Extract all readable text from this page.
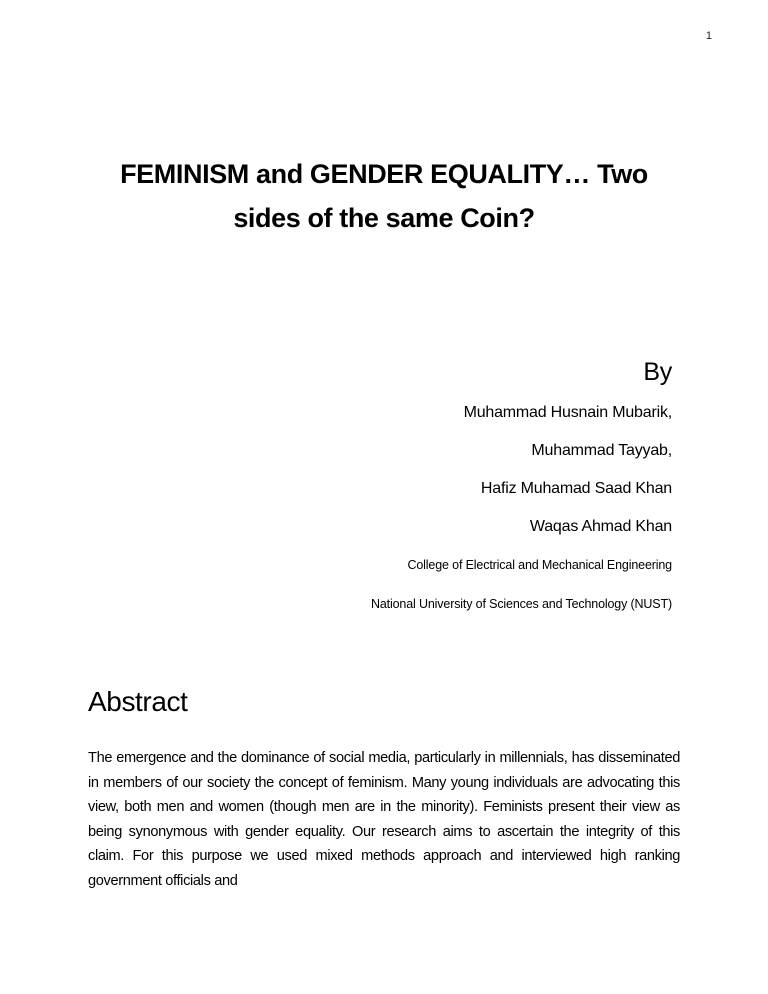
1
FEMINISM and GENDER EQUALITY… Two
sides of the same Coin?
By
Muhammad Husnain Mubarik,
Muhammad Tayyab,
Hafiz Muhamad Saad Khan
Waqas Ahmad Khan
College of Electrical and Mechanical Engineering
National University of Sciences and Technology (NUST)
Abstract

The emergence and the dominance of social media, particularly in millennials, has disseminated in members of our society the concept of feminism. Many young individuals are advocating this view, both men and women (though men are in the minority). Feminists present their view as being synonymous with gender equality. Our research aims to ascertain the integrity of this claim. For this purpose we used mixed methods approach and interviewed high ranking government officials and
